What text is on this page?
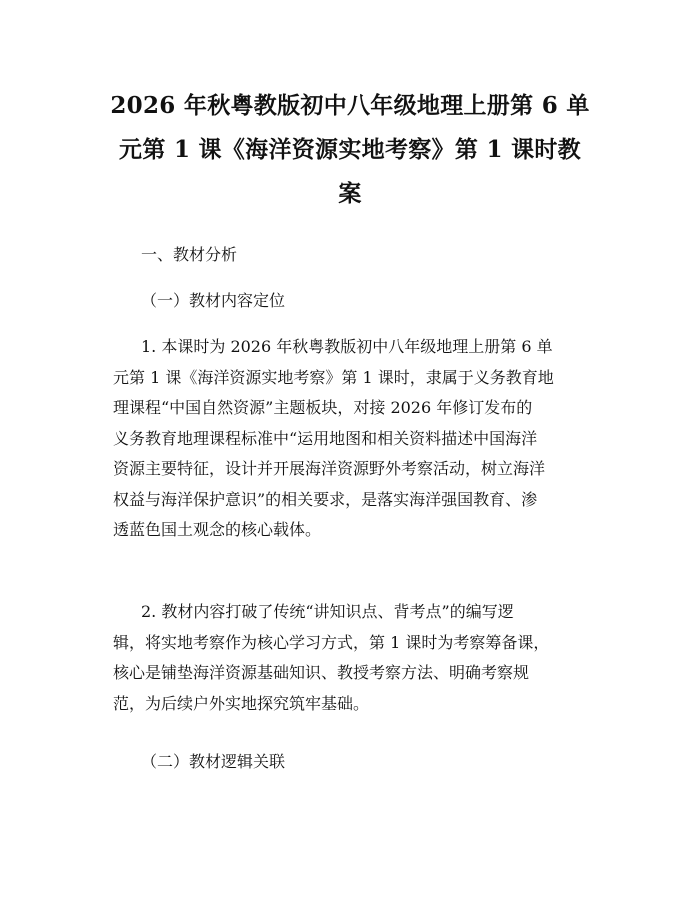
2026 年秋粤教版初中八年级地理上册第 6 单
元第 1 课《海洋资源实地考察》第 1 课时教
案
一、教材分析
（一）教材内容定位

1. 本课时为 2026 年秋粤教版初中八年级地理上册第 6 单
元第 1 课《海洋资源实地考察》第 1 课时，隶属于义务教育地
理课程“中国自然资源”主题板块，对接 2026 年修订发布的
义务教育地理课程标准中“运用地图和相关资料描述中国海洋
资源主要特征，设计并开展海洋资源野外考察活动，树立海洋
权益与海洋保护意识”的相关要求，是落实海洋强国教育、渗
透蓝色国土观念的核心载体。

2. 教材内容打破了传统“讲知识点、背考点”的编写逻
辑，将实地考察作为核心学习方式，第 1 课时为考察筹备课，
核心是铺垫海洋资源基础知识、教授考察方法、明确考察规
范，为后续户外实地探究筑牢基础。

（二）教材逻辑关联
